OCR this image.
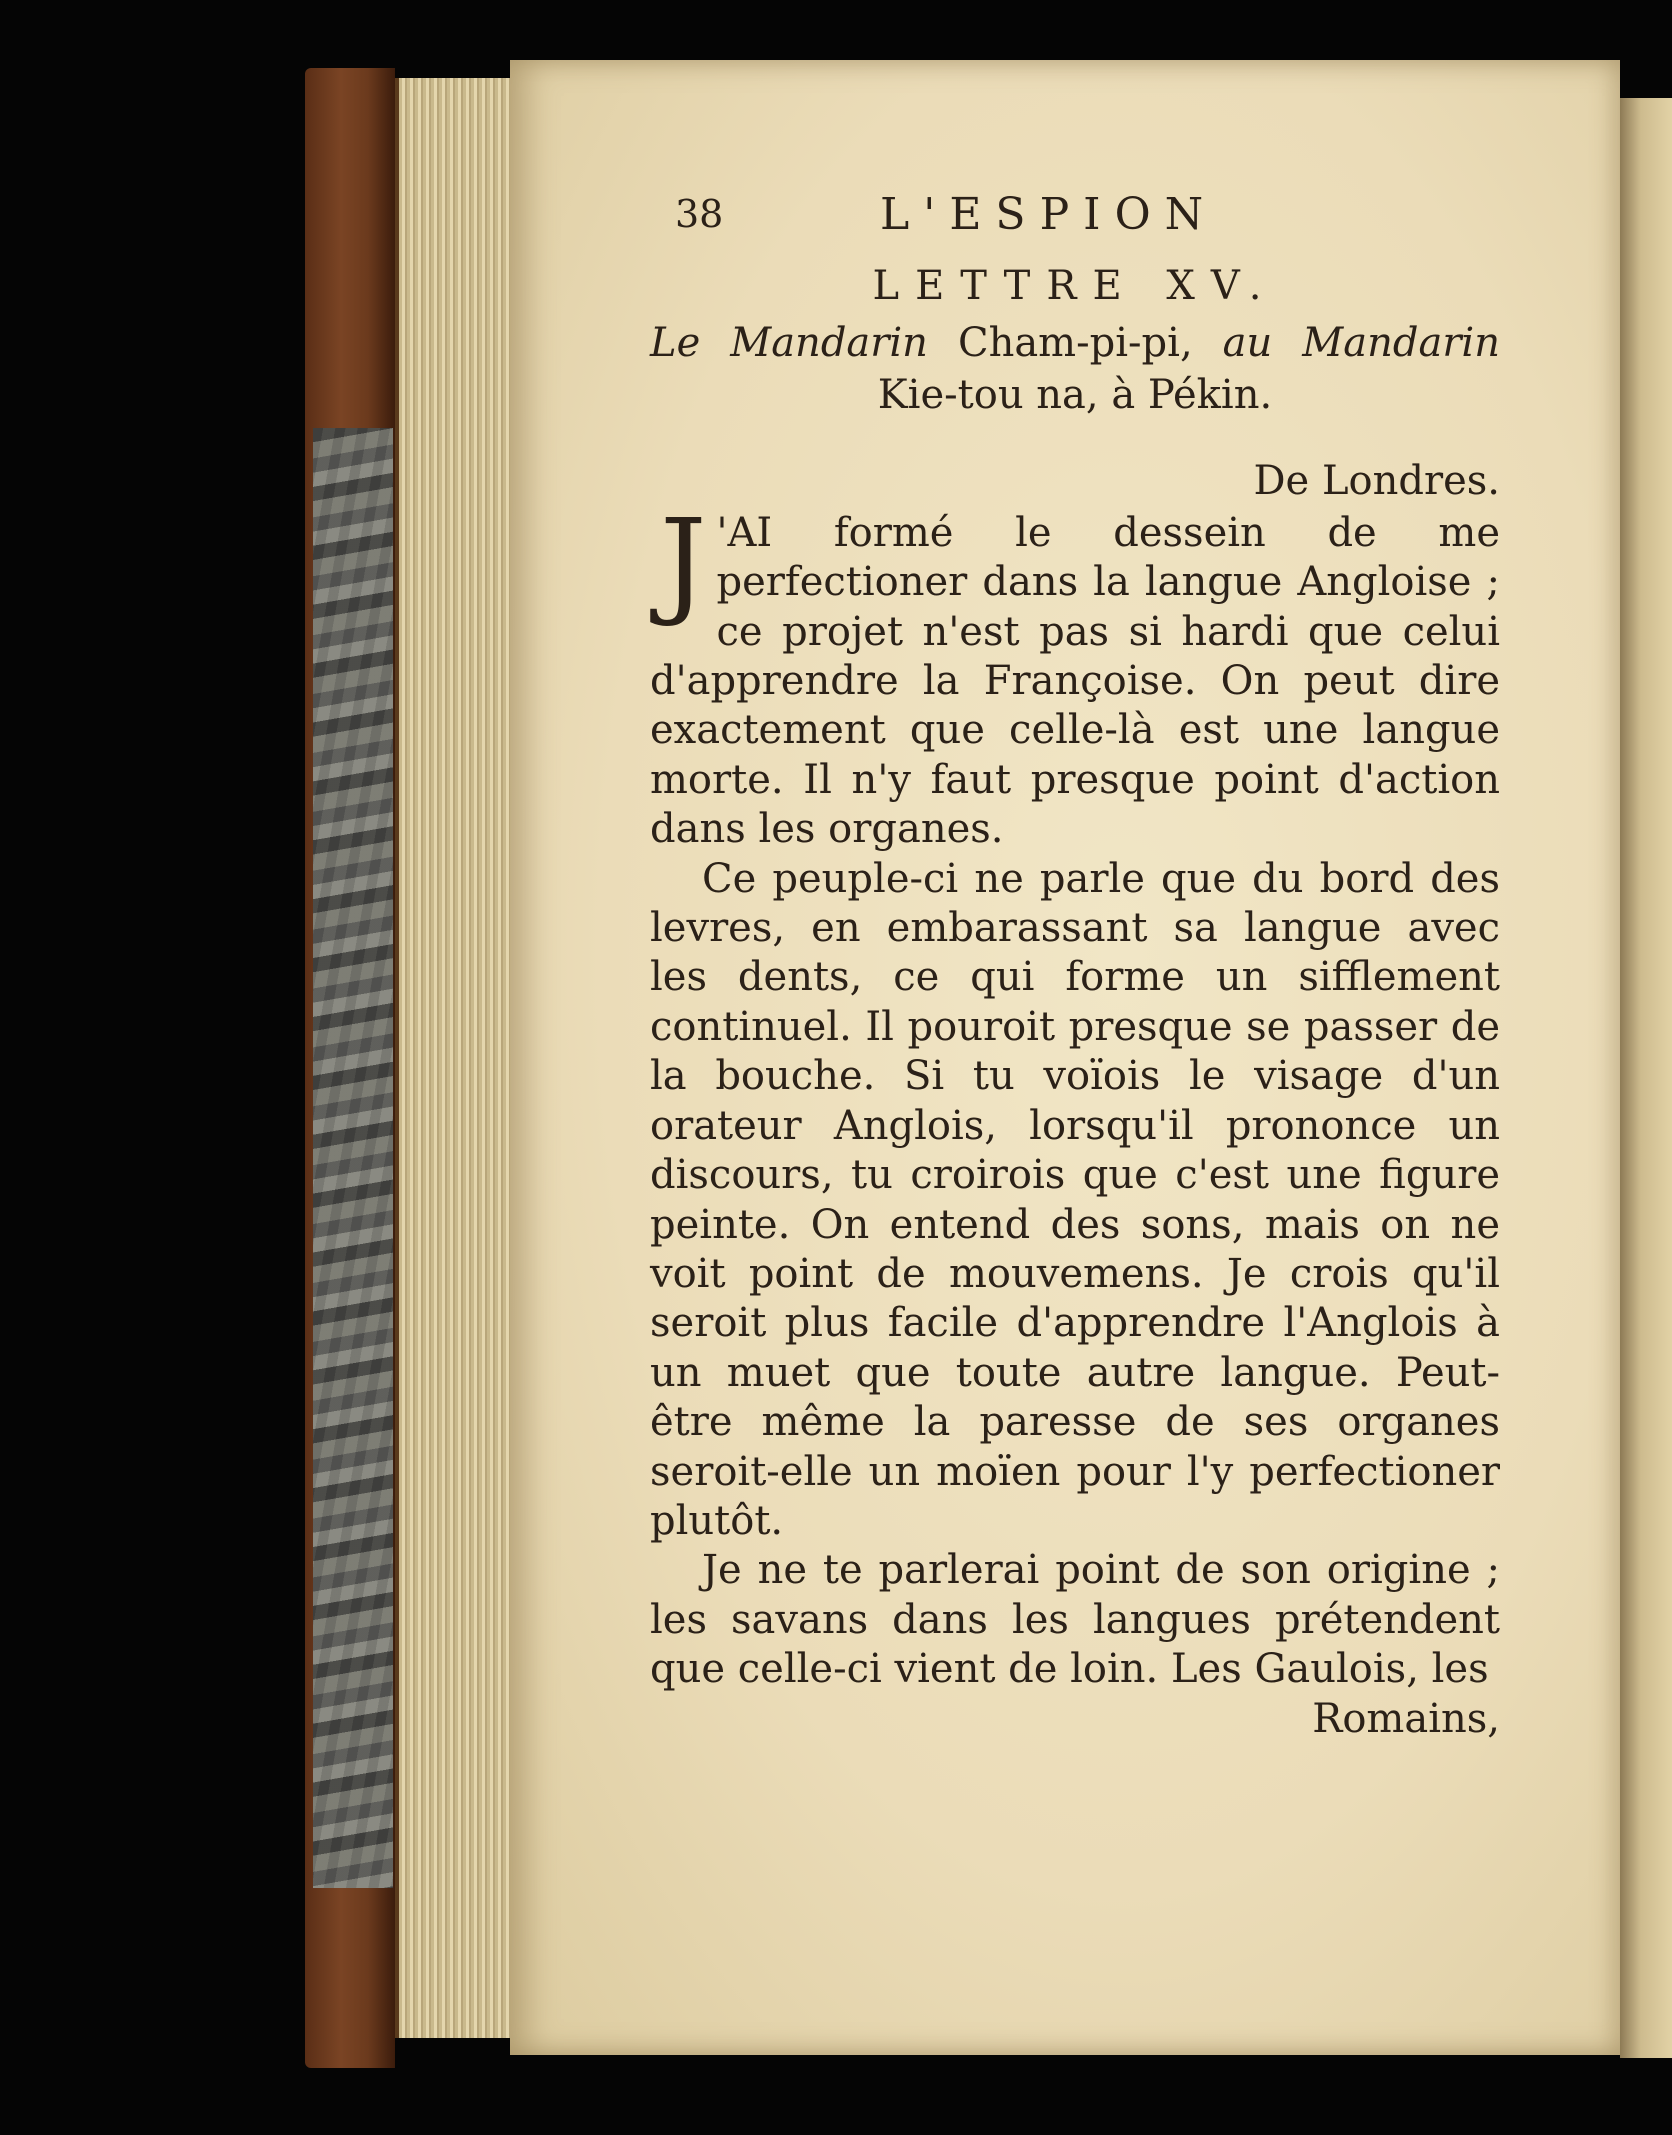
38	L'ESPION
LETTRE XV.
Le Mandarin Cham-pi-pi, au Mandarin
Kie-tou na, à Pékin.
De Londres.

J 'AI formé le dessein de me perfectioner dans la langue Angloise ; ce projet n'est pas si hardi que celui d'apprendre la Françoise. On peut dire exactement que celle-là est une langue morte. Il n'y faut presque point d'action dans les organes.

Ce peuple-ci ne parle que du bord des levres, en embarassant sa langue avec les dents, ce qui forme un sifflement continuel. Il pouroit presque se passer de la bouche. Si tu voïois le visage d'un orateur Anglois, lorsqu'il prononce un discours, tu croirois que c'est une figure peinte. On entend des sons, mais on ne voit point de mouvemens. Je crois qu'il seroit plus facile d'apprendre l'Anglois à un muet que toute autre langue. Peut-être même la paresse de ses organes seroit-elle un moïen pour l'y perfectioner plutôt.

Je ne te parlerai point de son origine ; les savans dans les langues prétendent que celle-ci vient de loin. Les Gaulois, les

Romains,
